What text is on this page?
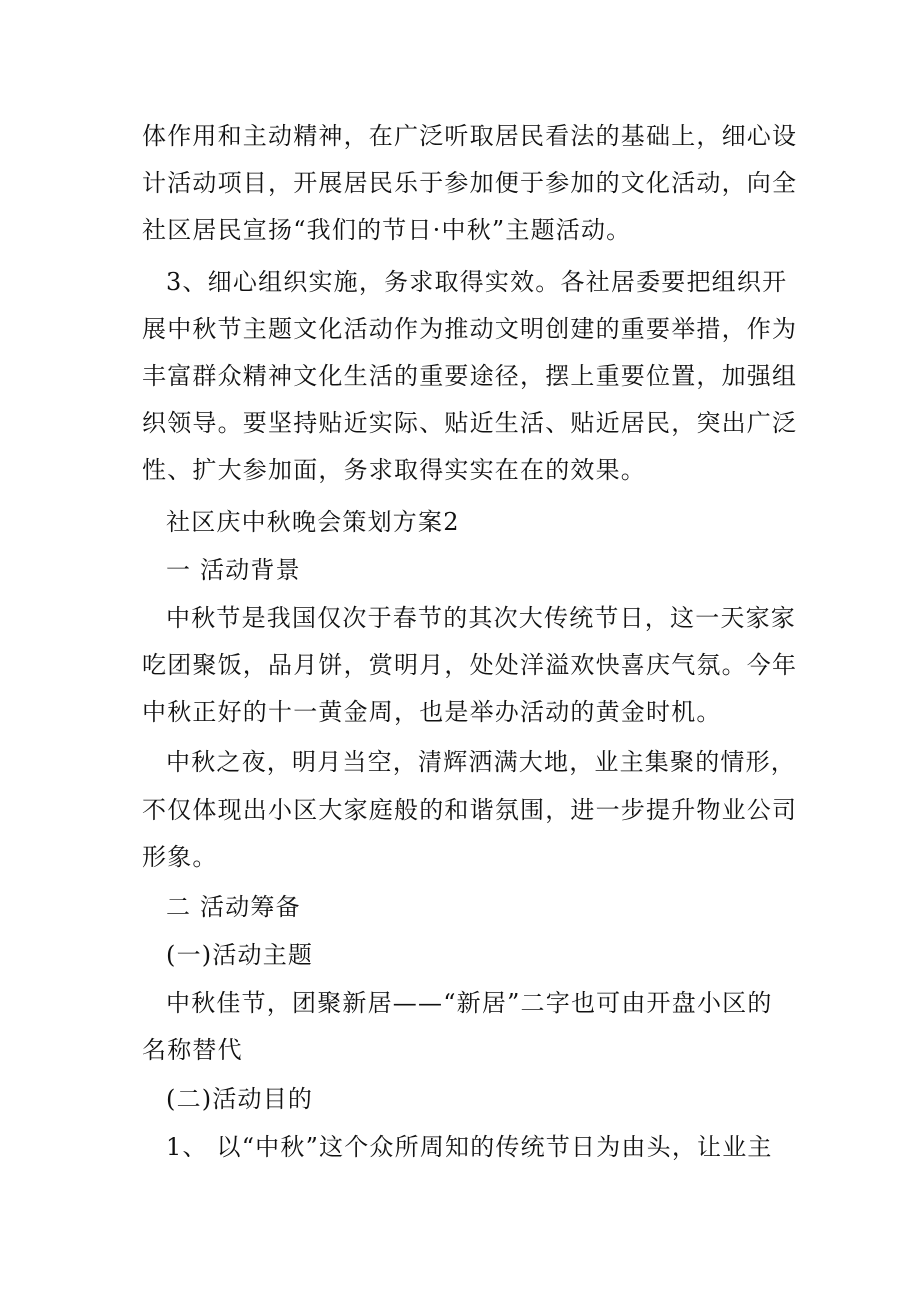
体作用和主动精神，在广泛听取居民看法的基础上，细心设
计活动项目，开展居民乐于参加便于参加的文化活动，向全
社区居民宣扬“我们的节日·中秋”主题活动。
3、细心组织实施，务求取得实效。各社居委要把组织开
展中秋节主题文化活动作为推动文明创建的重要举措，作为
丰富群众精神文化生活的重要途径，摆上重要位置，加强组
织领导。要坚持贴近实际、贴近生活、贴近居民，突出广泛
性、扩大参加面，务求取得实实在在的效果。
社区庆中秋晚会策划方案2
一 活动背景
中秋节是我国仅次于春节的其次大传统节日，这一天家家
吃团聚饭，品月饼，赏明月，处处洋溢欢快喜庆气氛。今年
中秋正好的十一黄金周，也是举办活动的黄金时机。
中秋之夜，明月当空，清辉洒满大地，业主集聚的情形，
不仅体现出小区大家庭般的和谐氛围，进一步提升物业公司
形象。
二 活动筹备
(一)活动主题
中秋佳节，团聚新居——“新居”二字也可由开盘小区的
名称替代
(二)活动目的
1、 以“中秋”这个众所周知的传统节日为由头，让业主
